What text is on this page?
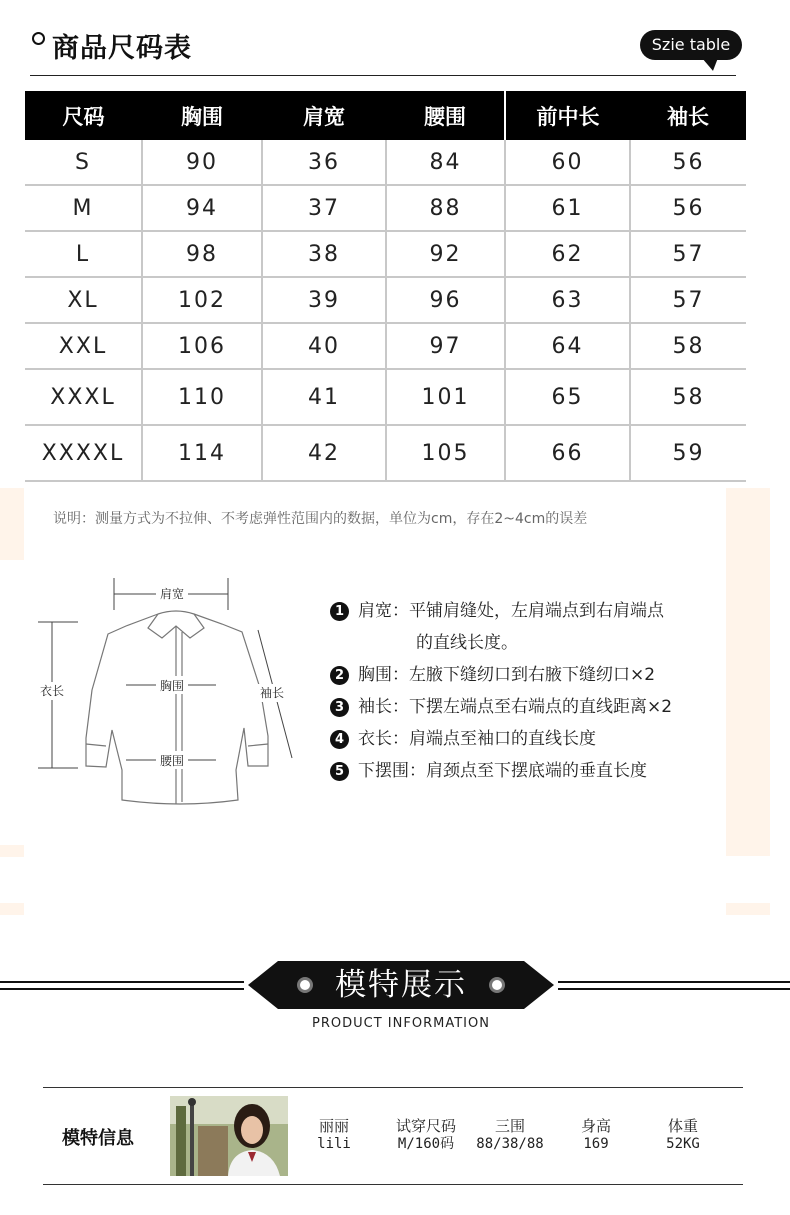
商品尺码表	Szie table
尺码	胸围	肩宽	腰围	前中长	袖长
S	90	36	84	60	56
M	94	37	88	61	56
L	98	38	92	62	57
XL	102	39	96	63	57
XXL	106	40	97	64	58
XXXL	110	41	101	65	58
XXXXL	114	42	105	66	59
说明：测量方式为不拉伸、不考虑弹性范围内的数据，单位为cm，存在2~4cm的误差
肩宽
胸围
腰围
衣长	袖长
1 肩宽：平铺肩缝处，左肩端点到右肩端点
的直线长度。
2 胸围：左腋下缝纫口到右腋下缝纫口×2
3 袖长：下摆左端点至右端点的直线距离×2
4 衣长：肩端点至袖口的直线长度
5 下摆围：肩颈点至下摆底端的垂直长度
模特展示
PRODUCT INFORMATION
模特信息
丽丽
lili
试穿尺码
M/160码
三围
88/38/88
身高
169
体重
52KG
